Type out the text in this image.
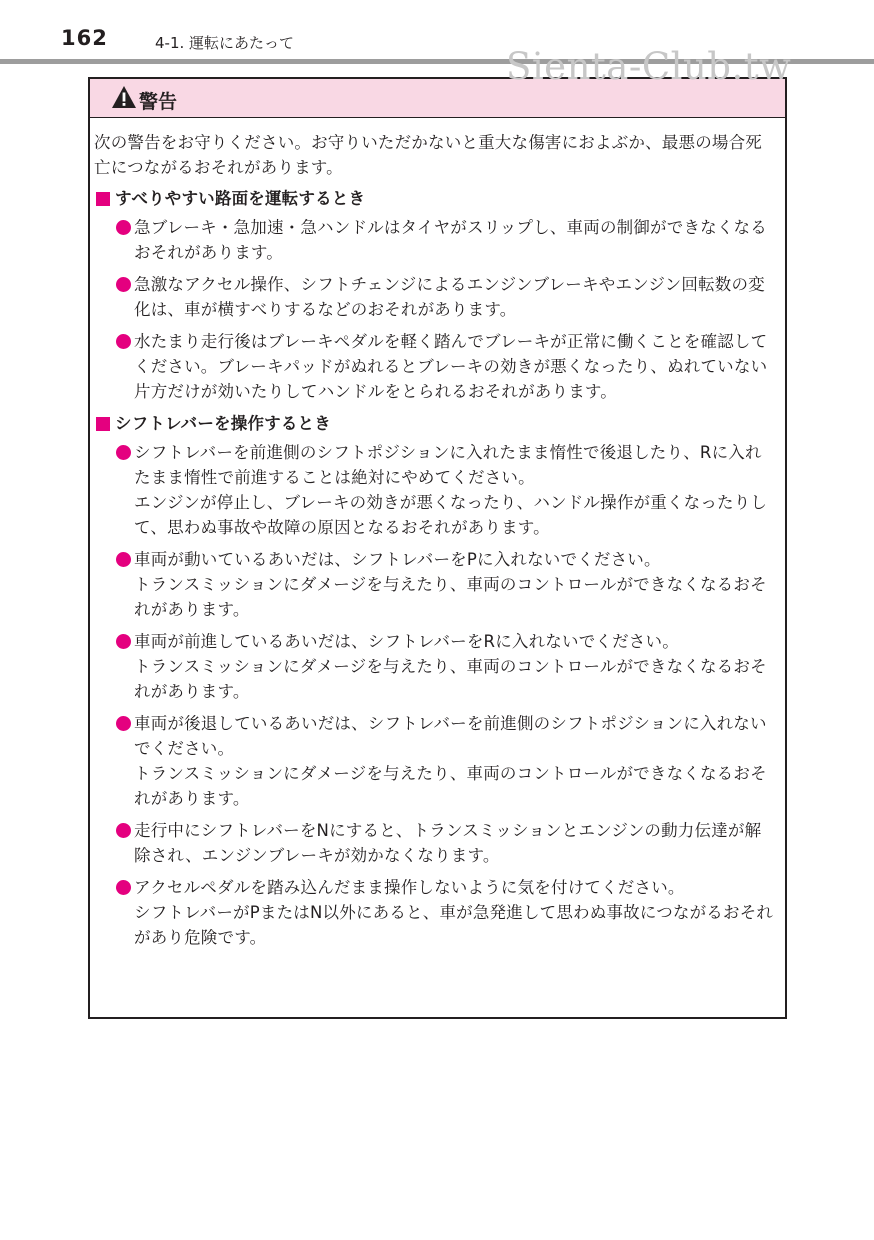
162	4-1. 運転にあたって
Sienta-Club.tw
警告

次の警告をお守りください。お守りいただかないと重大な傷害におよぶか、最悪の場合死亡につながるおそれがあります。

すべりやすい路面を運転するとき
急ブレーキ・急加速・急ハンドルはタイヤがスリップし、車両の制御ができなくなるおそれがあります。
急激なアクセル操作、シフトチェンジによるエンジンブレーキやエンジン回転数の変化は、車が横すべりするなどのおそれがあります。
水たまり走行後はブレーキペダルを軽く踏んでブレーキが正常に働くことを確認してください。ブレーキパッドがぬれるとブレーキの効きが悪くなったり、ぬれていない片方だけが効いたりしてハンドルをとられるおそれがあります。
シフトレバーを操作するとき
シフトレバーを前進側のシフトポジションに入れたまま惰性で後退したり、Rに入れたまま惰性で前進することは絶対にやめてください。
エンジンが停止し、ブレーキの効きが悪くなったり、ハンドル操作が重くなったりして、思わぬ事故や故障の原因となるおそれがあります。
車両が動いているあいだは、シフトレバーをPに入れないでください。
トランスミッションにダメージを与えたり、車両のコントロールができなくなるおそれがあります。
車両が前進しているあいだは、シフトレバーをRに入れないでください。
トランスミッションにダメージを与えたり、車両のコントロールができなくなるおそれがあります。
車両が後退しているあいだは、シフトレバーを前進側のシフトポジションに入れないでください。
トランスミッションにダメージを与えたり、車両のコントロールができなくなるおそれがあります。
走行中にシフトレバーをNにすると、トランスミッションとエンジンの動力伝達が解除され、エンジンブレーキが効かなくなります。
アクセルペダルを踏み込んだまま操作しないように気を付けてください。
シフトレバーがPまたはN以外にあると、車が急発進して思わぬ事故につながるおそれがあり危険です。
